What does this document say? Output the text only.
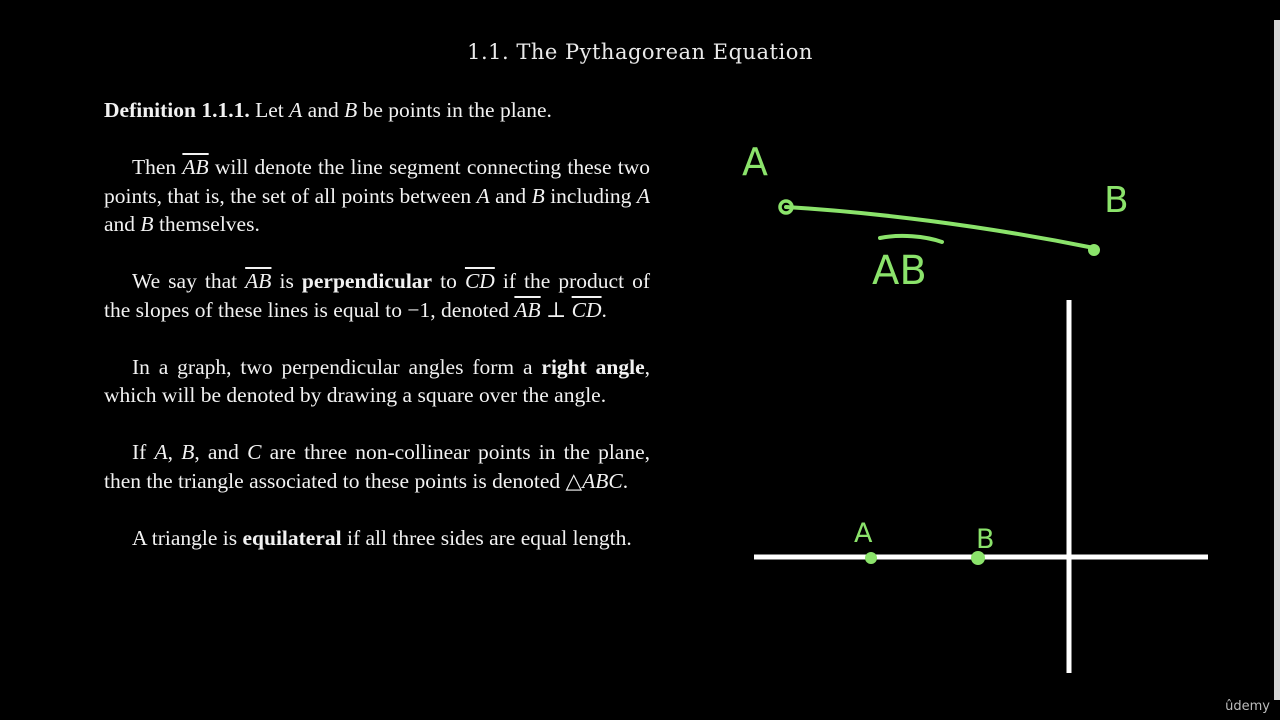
1.1. The Pythagorean Equation

Definition 1.1.1. Let A and B be points in the plane.

Then $\overline{AB}$ will denote the line segment connecting these two points, that is, the set of all points between A and B including A and B themselves.

We say that $\overline{AB}$ is perpendicular to $\overline{CD}$ if the product of the slopes of these lines is equal to −1, denoted $\overline{AB}$ ⊥ $\overline{CD}$.

In a graph, two perpendicular angles form a right angle, which will be denoted by drawing a square over the angle.

If A, B, and C are three non-collinear points in the plane, then the triangle associated to these points is denoted △ABC.

A triangle is equilateral if all three sides are equal length.

A
B
AB
A	B
ûdemy
